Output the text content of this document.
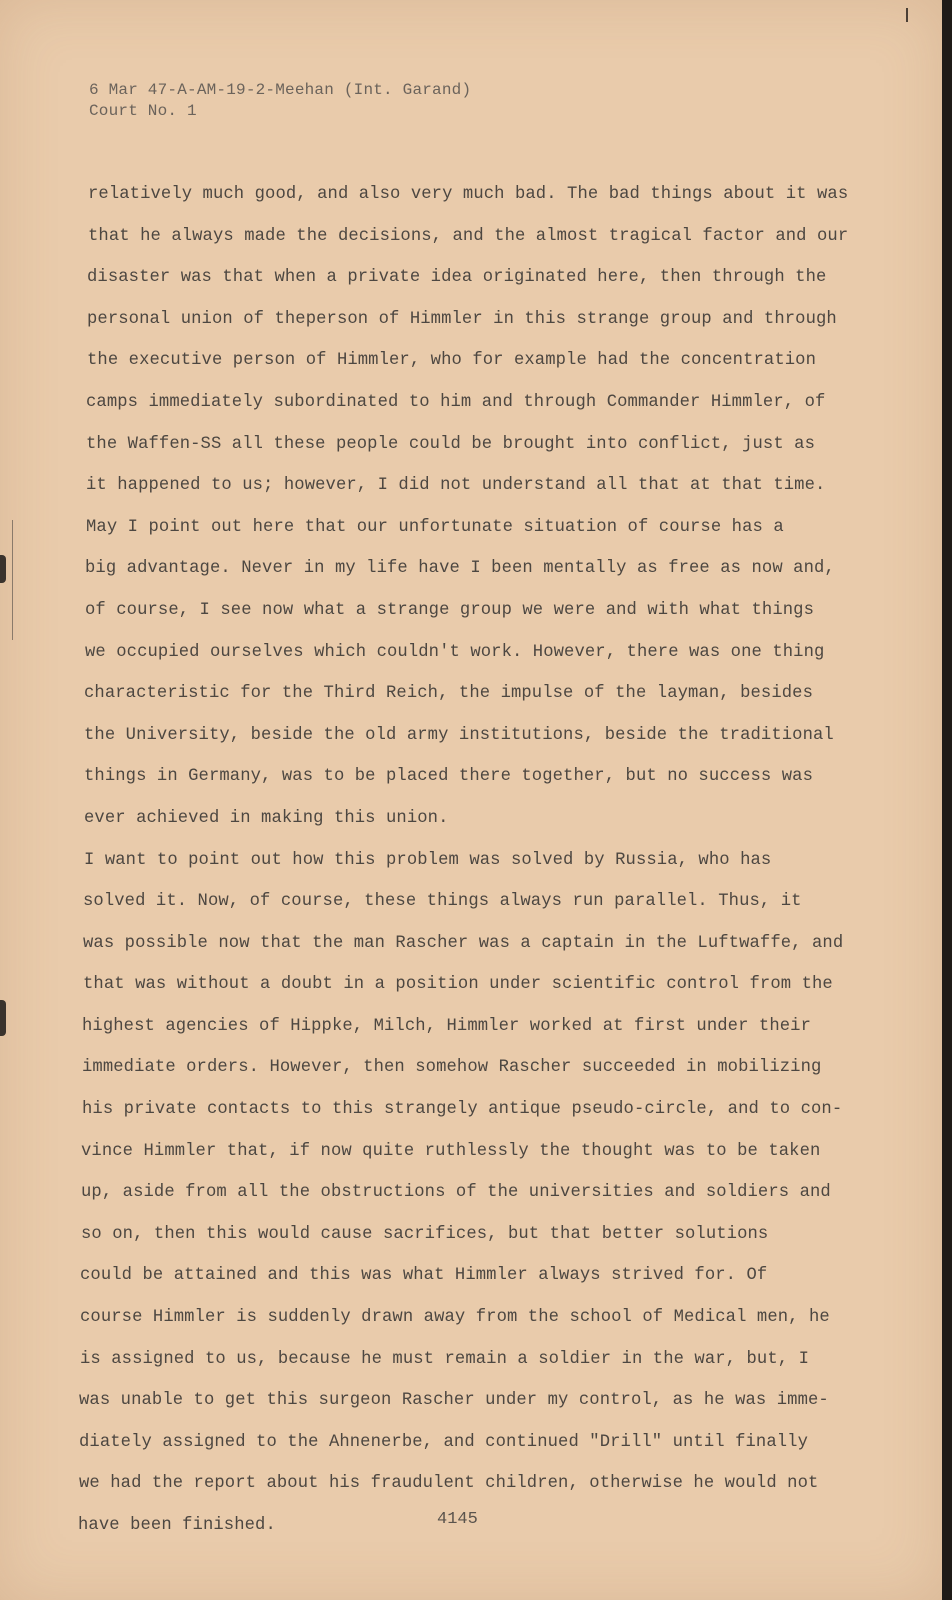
6 Mar 47-A-AM-19-2-Meehan (Int. Garand)
Court No. 1
relatively much good, and also very much bad. The bad things about it was
that he always made the decisions, and the almost tragical factor and our
disaster was that when a private idea originated here, then through the
personal union of theperson of Himmler in this strange group and through
the executive person of Himmler, who for example had the concentration
camps immediately subordinated to him and through Commander Himmler, of
the Waffen-SS all these people could be brought into conflict, just as
it happened to us; however, I did not understand all that at that time.
May I point out here that our unfortunate situation of course has a
big advantage. Never in my life have I been mentally as free as now and,
of course, I see now what a strange group we were and with what things
we occupied ourselves which couldn't work. However, there was one thing
characteristic for the Third Reich, the impulse of the layman, besides
the University, beside the old army institutions, beside the traditional
things in Germany, was to be placed there together, but no success was
ever achieved in making this union.
I want to point out how this problem was solved by Russia, who has
solved it. Now, of course, these things always run parallel. Thus, it
was possible now that the man Rascher was a captain in the Luftwaffe, and
that was without a doubt in a position under scientific control from the
highest agencies of Hippke, Milch, Himmler worked at first under their
immediate orders. However, then somehow Rascher succeeded in mobilizing
his private contacts to this strangely antique pseudo-circle, and to con-
vince Himmler that, if now quite ruthlessly the thought was to be taken
up, aside from all the obstructions of the universities and soldiers and
so on, then this would cause sacrifices, but that better solutions
could be attained and this was what Himmler always strived for. Of
course Himmler is suddenly drawn away from the school of Medical men, he
is assigned to us, because he must remain a soldier in the war, but, I
was unable to get this surgeon Rascher under my control, as he was imme-
diately assigned to the Ahnenerbe, and continued "Drill" until finally
we had the report about his fraudulent children, otherwise he would not
have been finished.	4145
